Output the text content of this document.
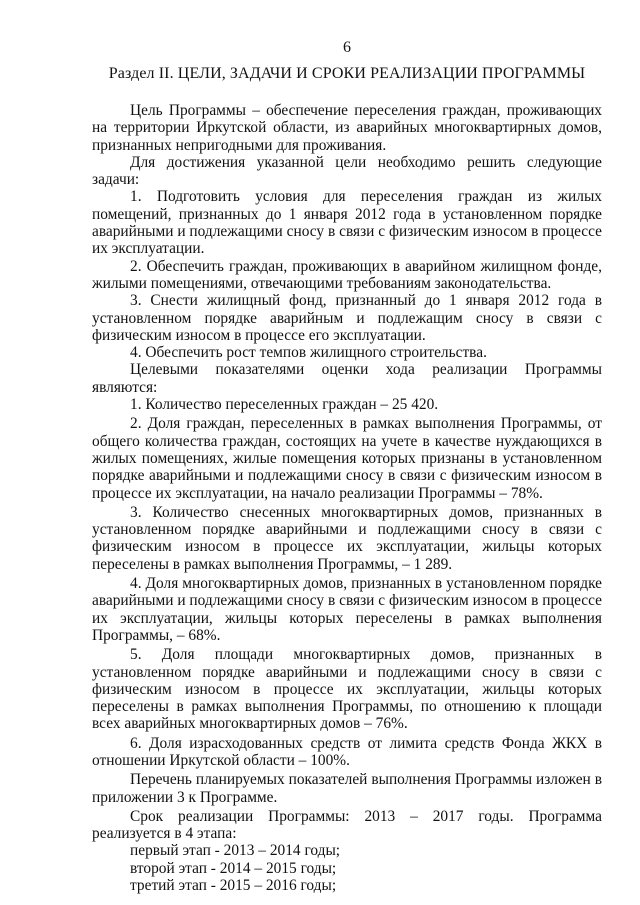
6
Раздел II. ЦЕЛИ, ЗАДАЧИ И СРОКИ РЕАЛИЗАЦИИ ПРОГРАММЫ

Цель Программы – обеспечение переселения граждан, проживающих на территории Иркутской области, из аварийных многоквартирных домов, признанных непригодными для проживания.

Для достижения указанной цели необходимо решить следующие задачи:

1. Подготовить условия для переселения граждан из жилых помещений, признанных до 1 января 2012 года в установленном порядке аварийными и подлежащими сносу в связи с физическим износом в процессе их эксплуатации.

2. Обеспечить граждан, проживающих в аварийном жилищном фонде, жилыми помещениями, отвечающими требованиям законодательства.

3. Снести жилищный фонд, признанный до 1 января 2012 года в установленном порядке аварийным и подлежащим сносу в связи с физическим износом в процессе его эксплуатации.

4. Обеспечить рост темпов жилищного строительства.

Целевыми показателями оценки хода реализации Программы являются:

1. Количество переселенных граждан – 25 420.

2. Доля граждан, переселенных в рамках выполнения Программы, от общего количества граждан, состоящих на учете в качестве нуждающихся в жилых помещениях, жилые помещения которых признаны в установленном порядке аварийными и подлежащими сносу в связи с физическим износом в процессе их эксплуатации, на начало реализации Программы – 78%.

3. Количество снесенных многоквартирных домов, признанных в установленном порядке аварийными и подлежащими сносу в связи с физическим износом в процессе их эксплуатации, жильцы которых переселены в рамках выполнения Программы, – 1 289.

4. Доля многоквартирных домов, признанных в установленном порядке аварийными и подлежащими сносу в связи с физическим износом в процессе их эксплуатации, жильцы которых переселены в рамках выполнения Программы, – 68%.

5. Доля площади многоквартирных домов, признанных в установленном порядке аварийными и подлежащими сносу в связи с физическим износом в процессе их эксплуатации, жильцы которых переселены в рамках выполнения Программы, по отношению к площади всех аварийных многоквартирных домов – 76%.

6. Доля израсходованных средств от лимита средств Фонда ЖКХ в отношении Иркутской области – 100%.

Перечень планируемых показателей выполнения Программы изложен в приложении 3 к Программе.

Срок реализации Программы: 2013 – 2017 годы. Программа реализуется в 4 этапа:

первый этап - 2013 – 2014 годы;
второй этап - 2014 – 2015 годы;
третий этап - 2015 – 2016 годы;
